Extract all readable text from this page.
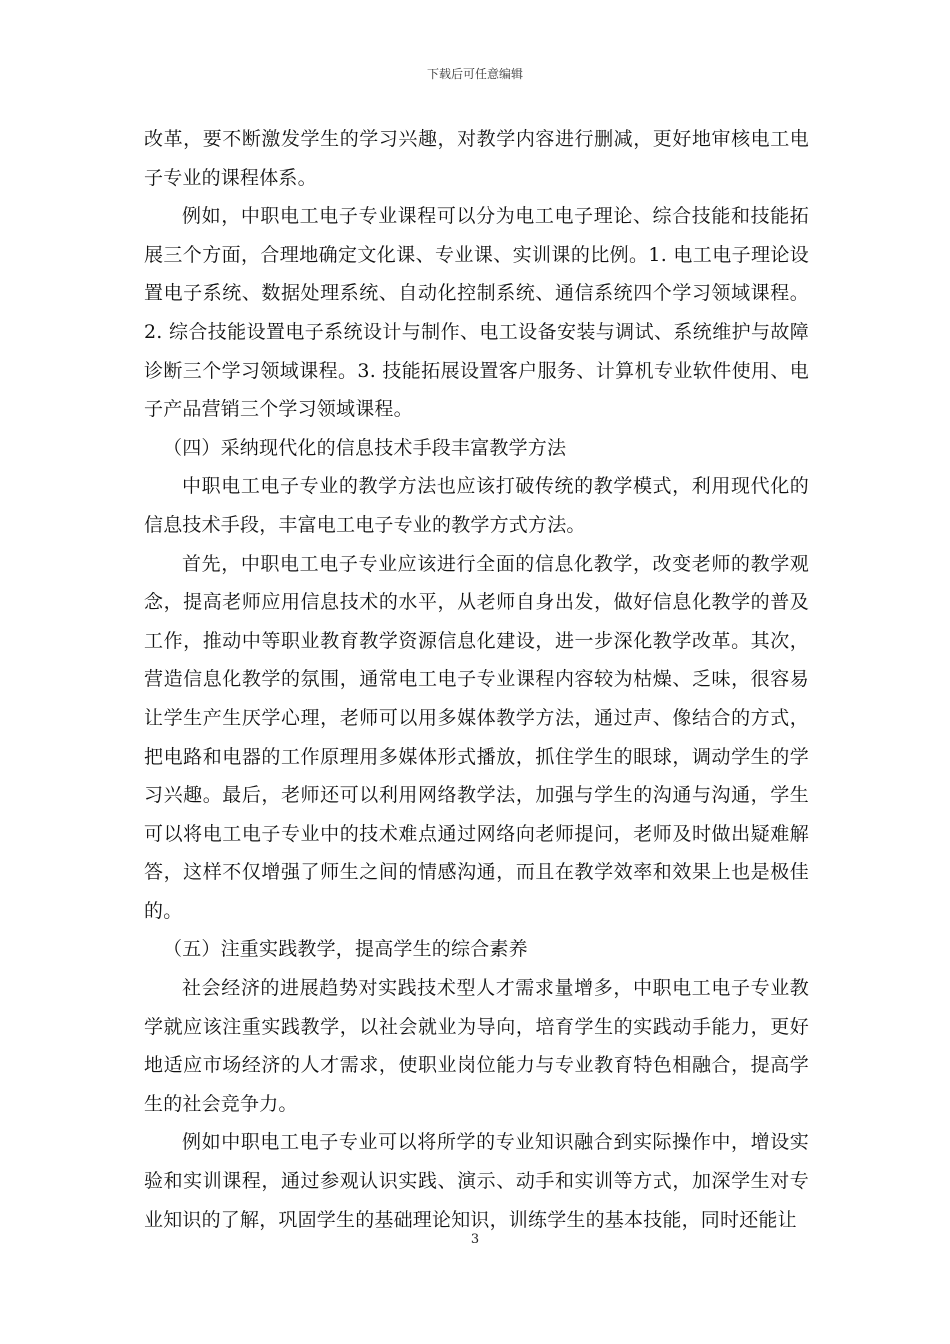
下载后可任意编辑

改革，要不断激发学生的学习兴趣，对教学内容进行删减，更好地审核电工电子专业的课程体系。

例如，中职电工电子专业课程可以分为电工电子理论、综合技能和技能拓展三个方面，合理地确定文化课、专业课、实训课的比例。1. 电工电子理论设置电子系统、数据处理系统、自动化控制系统、通信系统四个学习领域课程。2. 综合技能设置电子系统设计与制作、电工设备安装与调试、系统维护与故障诊断三个学习领域课程。3. 技能拓展设置客户服务、计算机专业软件使用、电子产品营销三个学习领域课程。

（四）采纳现代化的信息技术手段丰富教学方法

中职电工电子专业的教学方法也应该打破传统的教学模式，利用现代化的信息技术手段，丰富电工电子专业的教学方式方法。

首先，中职电工电子专业应该进行全面的信息化教学，改变老师的教学观念，提高老师应用信息技术的水平，从老师自身出发，做好信息化教学的普及工作，推动中等职业教育教学资源信息化建设，进一步深化教学改革。其次，营造信息化教学的氛围，通常电工电子专业课程内容较为枯燥、乏味，很容易让学生产生厌学心理，老师可以用多媒体教学方法，通过声、像结合的方式，把电路和电器的工作原理用多媒体形式播放，抓住学生的眼球，调动学生的学习兴趣。最后，老师还可以利用网络教学法，加强与学生的沟通与沟通，学生可以将电工电子专业中的技术难点通过网络向老师提问，老师及时做出疑难解答，这样不仅增强了师生之间的情感沟通，而且在教学效率和效果上也是极佳的。

（五）注重实践教学，提高学生的综合素养

社会经济的进展趋势对实践技术型人才需求量增多，中职电工电子专业教学就应该注重实践教学，以社会就业为导向，培育学生的实践动手能力，更好地适应市场经济的人才需求，使职业岗位能力与专业教育特色相融合，提高学生的社会竞争力。

例如中职电工电子专业可以将所学的专业知识融合到实际操作中，增设实验和实训课程，通过参观认识实践、演示、动手和实训等方式，加深学生对专业知识的了解，巩固学生的基础理论知识，训练学生的基本技能，同时还能让

3
